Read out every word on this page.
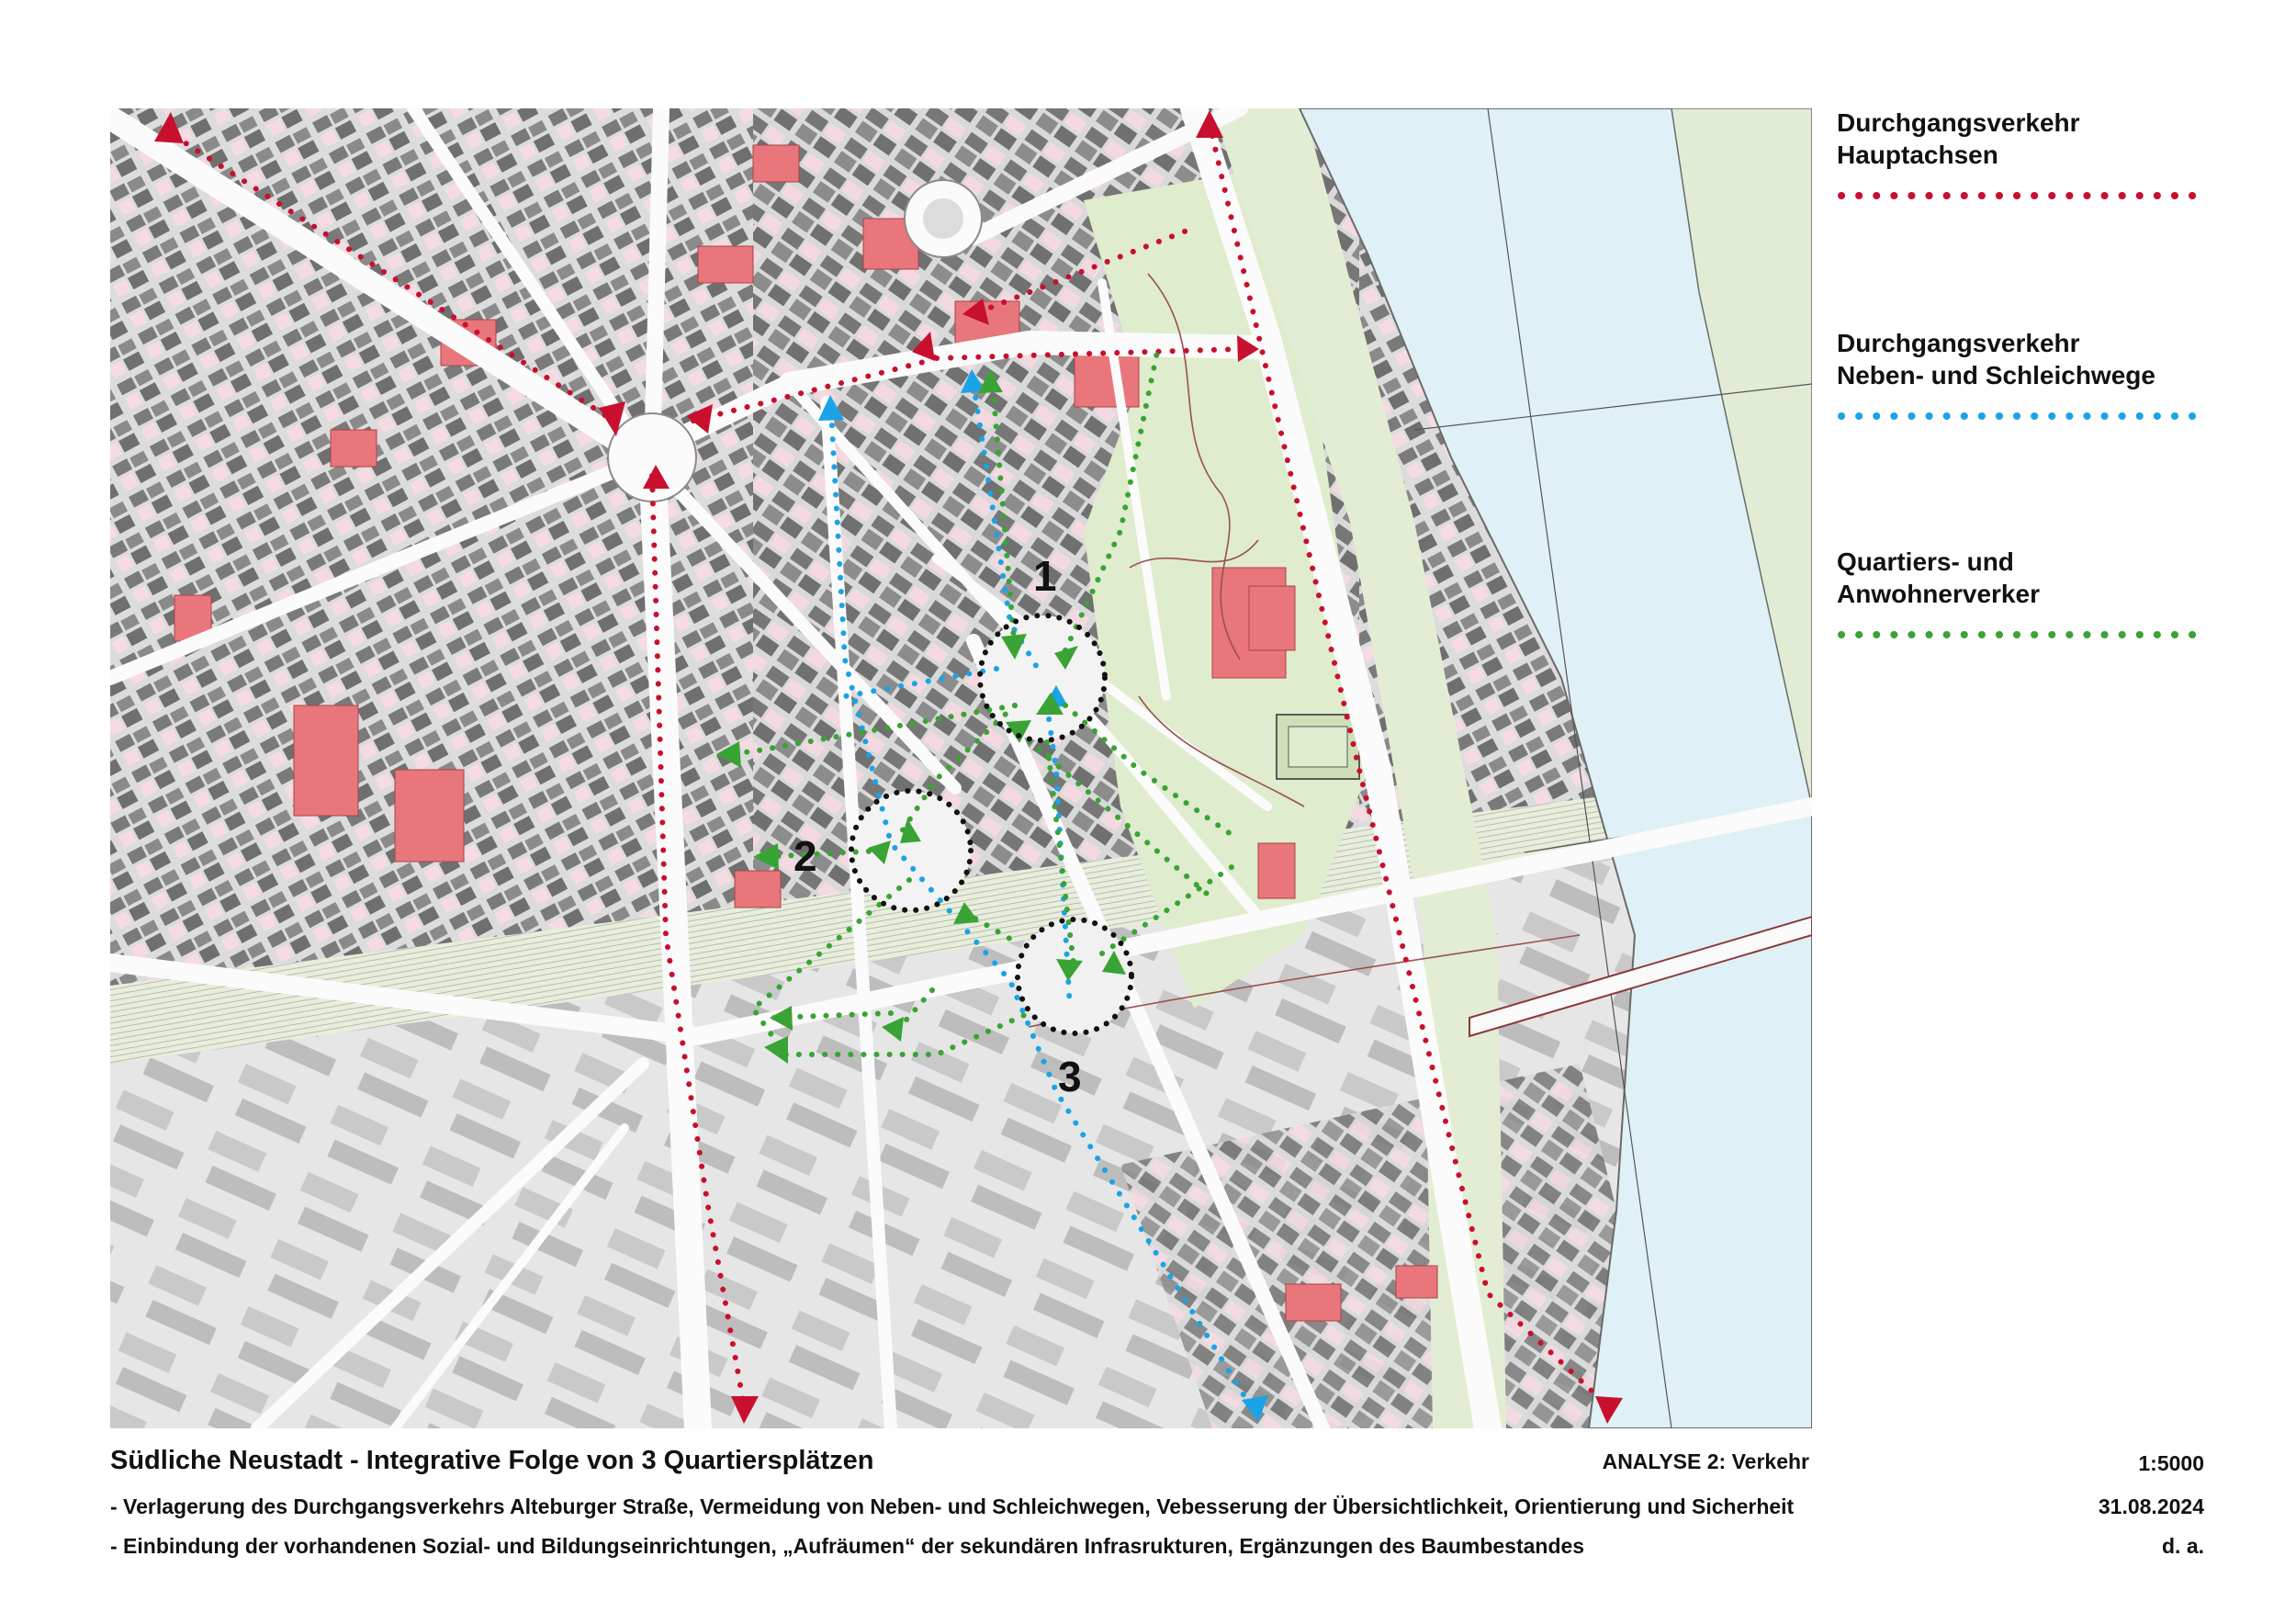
1
2
3
Durchgangsverkehr
Hauptachsen
Durchgangsverkehr
Neben- und Schleichwege
Quartiers- und
Anwohnerverker
Südliche Neustadt - Integrative Folge von 3 Quartiersplätzen	ANALYSE 2: Verkehr	1:5000
- Verlagerung des Durchgangsverkehrs Alteburger Straße, Vermeidung von Neben- und Schleichwegen, Vebesserung der Übersichtlichkeit, Orientierung und Sicherheit	31.08.2024
- Einbindung der vorhandenen Sozial- und Bildungseinrichtungen, „Aufräumen“ der sekundären Infrasrukturen, Ergänzungen des Baumbestandes	d. a.
